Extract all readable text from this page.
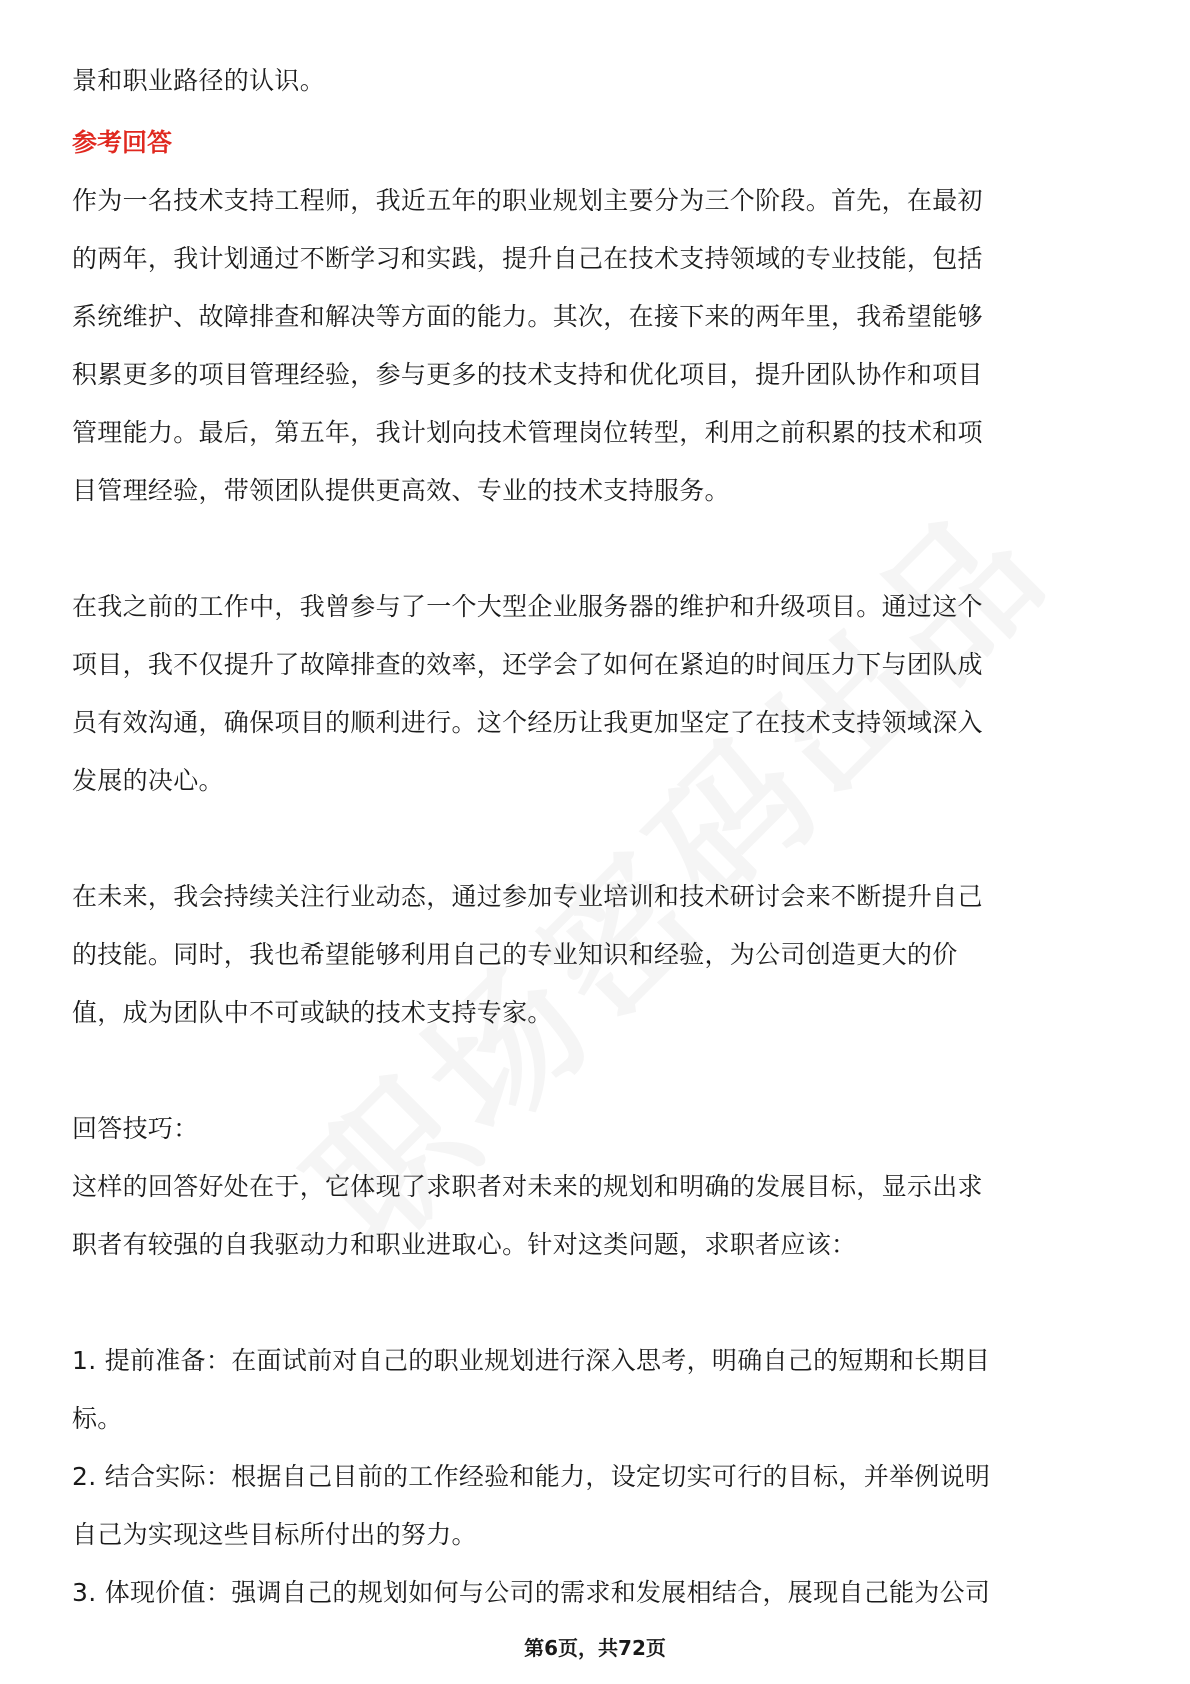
景和职业路径的认识。
参考回答
作为一名技术支持工程师，我近五年的职业规划主要分为三个阶段。首先，在最初
的两年，我计划通过不断学习和实践，提升自己在技术支持领域的专业技能，包括
系统维护、故障排查和解决等方面的能力。其次，在接下来的两年里，我希望能够
积累更多的项目管理经验，参与更多的技术支持和优化项目，提升团队协作和项目
管理能力。最后，第五年，我计划向技术管理岗位转型，利用之前积累的技术和项
目管理经验，带领团队提供更高效、专业的技术支持服务。
在我之前的工作中，我曾参与了一个大型企业服务器的维护和升级项目。通过这个
项目，我不仅提升了故障排查的效率，还学会了如何在紧迫的时间压力下与团队成
员有效沟通，确保项目的顺利进行。这个经历让我更加坚定了在技术支持领域深入
发展的决心。
在未来，我会持续关注行业动态，通过参加专业培训和技术研讨会来不断提升自己
的技能。同时，我也希望能够利用自己的专业知识和经验，为公司创造更大的价
值，成为团队中不可或缺的技术支持专家。
回答技巧：
这样的回答好处在于，它体现了求职者对未来的规划和明确的发展目标，显示出求
职者有较强的自我驱动力和职业进取心。针对这类问题，求职者应该：
1. 提前准备：在面试前对自己的职业规划进行深入思考，明确自己的短期和长期目
标。
2. 结合实际：根据自己目前的工作经验和能力，设定切实可行的目标，并举例说明
自己为实现这些目标所付出的努力。
3. 体现价值：强调自己的规划如何与公司的需求和发展相结合，展现自己能为公司
第6页，共72页
